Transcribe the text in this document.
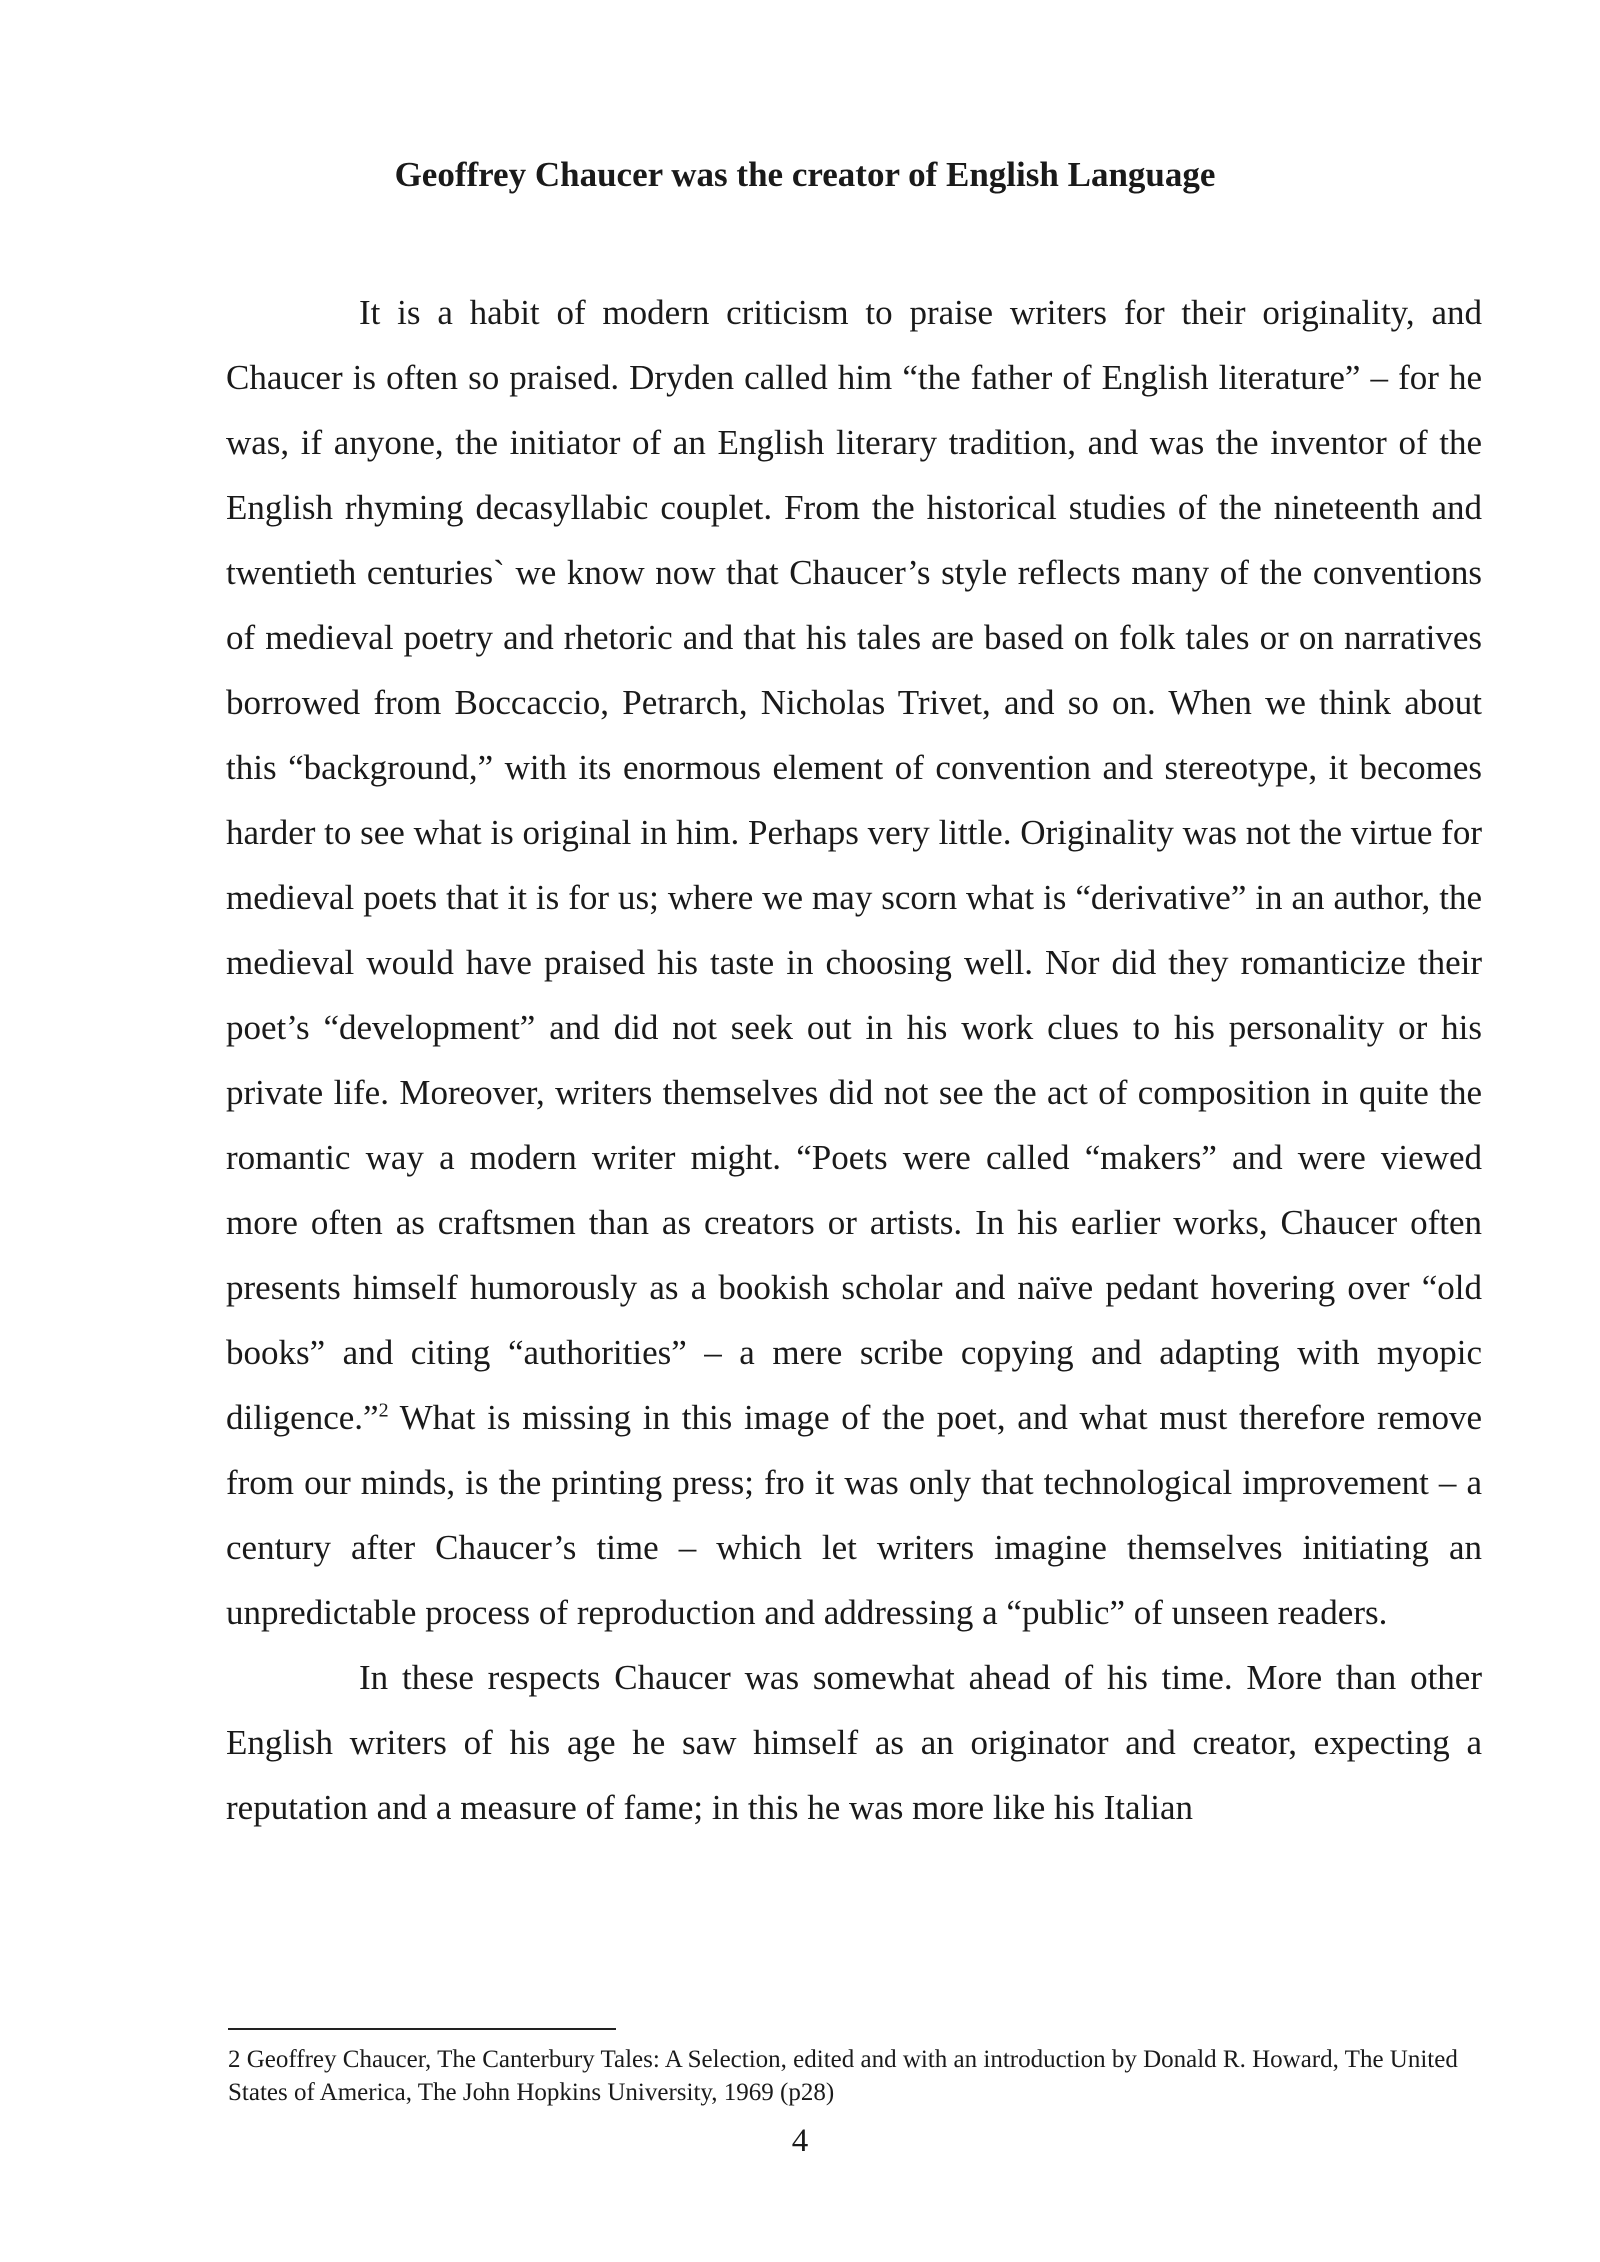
Geoffrey Chaucer was the creator of English Language

It is a habit of modern criticism to praise writers for their originality, and Chaucer is often so praised. Dryden called him “the father of English literature” – for he was, if anyone, the initiator of an English literary tradition, and was the inventor of the English rhyming decasyllabic couplet. From the historical studies of the nineteenth and twentieth centuries` we know now that Chaucer’s style reflects many of the conventions of medieval poetry and rhetoric and that his tales are based on folk tales or on narratives borrowed from Boccaccio, Petrarch, Nicholas Trivet, and so on. When we think about this “background,” with its enormous element of convention and stereotype, it becomes harder to see what is original in him. Perhaps very little. Originality was not the virtue for medieval poets that it is for us; where we may scorn what is “derivative” in an author, the medieval would have praised his taste in choosing well. Nor did they romanticize their poet’s “development” and did not seek out in his work clues to his personality or his private life. Moreover, writers themselves did not see the act of composition in quite the romantic way a modern writer might. “Poets were called “makers” and were viewed more often as craftsmen than as creators or artists. In his earlier works, Chaucer often presents himself humorously as a bookish scholar and naïve pedant hovering over “old books” and citing “authorities” – a mere scribe copying and adapting with myopic diligence.”$^2$ What is missing in this image of the poet, and what must therefore remove from our minds, is the printing press; fro it was only that technological improvement – a century after Chaucer’s time – which let writers imagine themselves initiating an unpredictable process of reproduction and addressing a “public” of unseen readers.

In these respects Chaucer was somewhat ahead of his time. More than other English writers of his age he saw himself as an originator and creator, expecting a reputation and a measure of fame; in this he was more like his Italian

2 Geoffrey Chaucer, The Canterbury Tales: A Selection, edited and with an introduction by Donald R. Howard, The United States of America, The John Hopkins University, 1969 (p28)

4
